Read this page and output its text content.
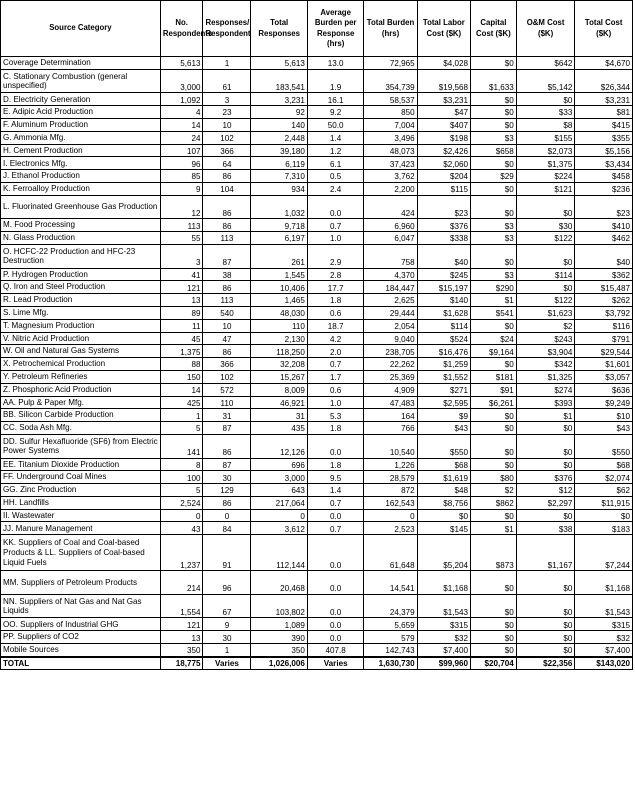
Source Category	No. Respondents	Responses/ Respondent	Total Responses	Average Burden per Response (hrs)	Total Burden (hrs)	Total Labor Cost ($K)	Capital Cost ($K)	O&M Cost ($K)	Total Cost ($K)
Coverage Determination	5,613	1	5,613	13.0	72,965	$4,028	$0	$642	$4,670
C. Stationary Combustion (general unspecified)	3,000	61	183,541	1.9	354,739	$19,568	$1,633	$5,142	$26,344
D. Electricity Generation	1,092	3	3,231	16.1	58,537	$3,231	$0	$0	$3,231
E. Adipic Acid Production	4	23	92	9.2	850	$47	$0	$33	$81
F. Aluminum Production	14	10	140	50.0	7,004	$407	$0	$8	$415
G. Ammonia Mfg.	24	102	2,448	1.4	3,496	$198	$3	$155	$355
H. Cement Production	107	366	39,180	1.2	48,073	$2,426	$658	$2,073	$5,156
I. Electronics Mfg.	96	64	6,119	6.1	37,423	$2,060	$0	$1,375	$3,434
J. Ethanol Production	85	86	7,310	0.5	3,762	$204	$29	$224	$458
K. Ferroalloy Production	9	104	934	2.4	2,200	$115	$0	$121	$236
L. Fluorinated Greenhouse Gas Production	12	86	1,032	0.0	424	$23	$0	$0	$23
M. Food Processing	113	86	9,718	0.7	6,960	$376	$3	$30	$410
N. Glass Production	55	113	6,197	1.0	6,047	$338	$3	$122	$462
O. HCFC-22 Production and HFC-23 Destruction	3	87	261	2.9	758	$40	$0	$0	$40
P. Hydrogen Production	41	38	1,545	2.8	4,370	$245	$3	$114	$362
Q. Iron and Steel Production	121	86	10,406	17.7	184,447	$15,197	$290	$0	$15,487
R. Lead Production	13	113	1,465	1.8	2,625	$140	$1	$122	$262
S. Lime Mfg.	89	540	48,030	0.6	29,444	$1,628	$541	$1,623	$3,792
T. Magnesium Production	11	10	110	18.7	2,054	$114	$0	$2	$116
V. Nitric Acid Production	45	47	2,130	4.2	9,040	$524	$24	$243	$791
W. Oil and Natural Gas Systems	1,375	86	118,250	2.0	238,705	$16,476	$9,164	$3,904	$29,544
X. Petrochemical Production	88	366	32,208	0.7	22,262	$1,259	$0	$342	$1,601
Y. Petroleum Refineries	150	102	15,267	1.7	25,369	$1,552	$181	$1,325	$3,057
Z. Phosphoric Acid Production	14	572	8,009	0.6	4,909	$271	$91	$274	$636
AA. Pulp & Paper Mfg.	425	110	46,921	1.0	47,483	$2,595	$6,261	$393	$9,249
BB. Silicon Carbide Production	1	31	31	5.3	164	$9	$0	$1	$10
CC. Soda Ash Mfg.	5	87	435	1.8	766	$43	$0	$0	$43
DD. Sulfur Hexafluoride (SF6) from Electric Power Systems	141	86	12,126	0.0	10,540	$550	$0	$0	$550
EE. Titanium Dioxide Production	8	87	696	1.8	1,226	$68	$0	$0	$68
FF. Underground Coal Mines	100	30	3,000	9.5	28,579	$1,619	$80	$376	$2,074
GG. Zinc Production	5	129	643	1.4	872	$48	$2	$12	$62
HH. Landfills	2,524	86	217,064	0.7	162,543	$8,756	$862	$2,297	$11,915
II. Wastewater	0	0	0	0.0	0	$0	$0	$0	$0
JJ. Manure Management	43	84	3,612	0.7	2,523	$145	$1	$38	$183
KK. Suppliers of Coal and Coal-based Products & LL. Suppliers of Coal-based Liquid Fuels	1,237	91	112,144	0.0	61,648	$5,204	$873	$1,167	$7,244
MM. Suppliers of Petroleum Products	214	96	20,468	0.0	14,541	$1,168	$0	$0	$1,168
NN. Suppliers of Nat Gas and Nat Gas Liquids	1,554	67	103,802	0.0	24,379	$1,543	$0	$0	$1,543
OO. Suppliers of Industrial GHG	121	9	1,089	0.0	5,659	$315	$0	$0	$315
PP. Suppliers of CO2	13	30	390	0.0	579	$32	$0	$0	$32
Mobile Sources	350	1	350	407.8	142,743	$7,400	$0	$0	$7,400
TOTAL	18,775	Varies	1,026,006	Varies	1,630,730	$99,960	$20,704	$22,356	$143,020
